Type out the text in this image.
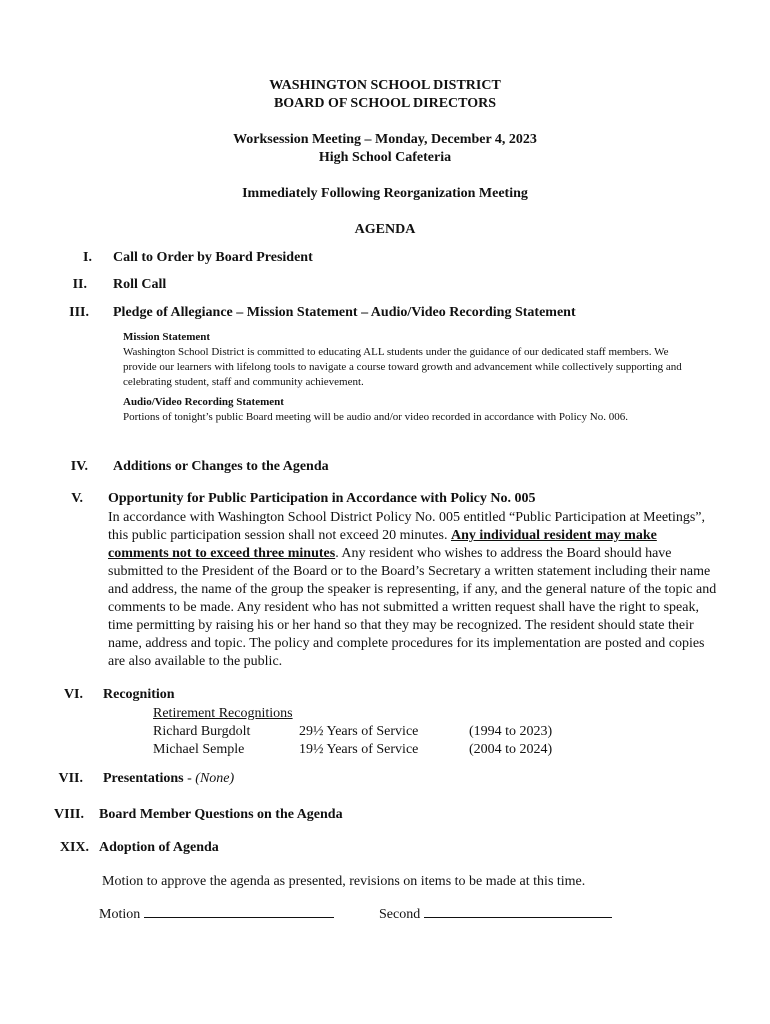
WASHINGTON SCHOOL DISTRICT
BOARD OF SCHOOL DIRECTORS
Worksession Meeting – Monday, December 4, 2023
High School Cafeteria
Immediately Following Reorganization Meeting
AGENDA
I. Call to Order by Board President
II. Roll Call
III. Pledge of Allegiance – Mission Statement – Audio/Video Recording Statement
Mission Statement
Washington School District is committed to educating ALL students under the guidance of our dedicated staff members. We provide our learners with lifelong tools to navigate a course toward growth and advancement while collectively supporting and celebrating student, staff and community achievement.
Audio/Video Recording Statement
Portions of tonight’s public Board meeting will be audio and/or video recorded in accordance with Policy No. 006.
IV. Additions or Changes to the Agenda
V. Opportunity for Public Participation in Accordance with Policy No. 005
In accordance with Washington School District Policy No. 005 entitled “Public Participation at Meetings”, this public participation session shall not exceed 20 minutes. Any individual resident may make comments not to exceed three minutes. Any resident who wishes to address the Board should have submitted to the President of the Board or to the Board’s Secretary a written statement including their name and address, the name of the group the speaker is representing, if any, and the general nature of the topic and comments to be made. Any resident who has not submitted a written request shall have the right to speak, time permitting by raising his or her hand so that they may be recognized. The resident should state their name, address and topic. The policy and complete procedures for its implementation are posted and copies are also available to the public.
VI. Recognition
Retirement Recognitions
Richard Burgdolt	29½ Years of Service	(1994 to 2023)
Michael Semple	19½ Years of Service	(2004 to 2024)
VII. Presentations - (None)
VIII. Board Member Questions on the Agenda
XIX. Adoption of Agenda
Motion to approve the agenda as presented, revisions on items to be made at this time.
Motion	Second
